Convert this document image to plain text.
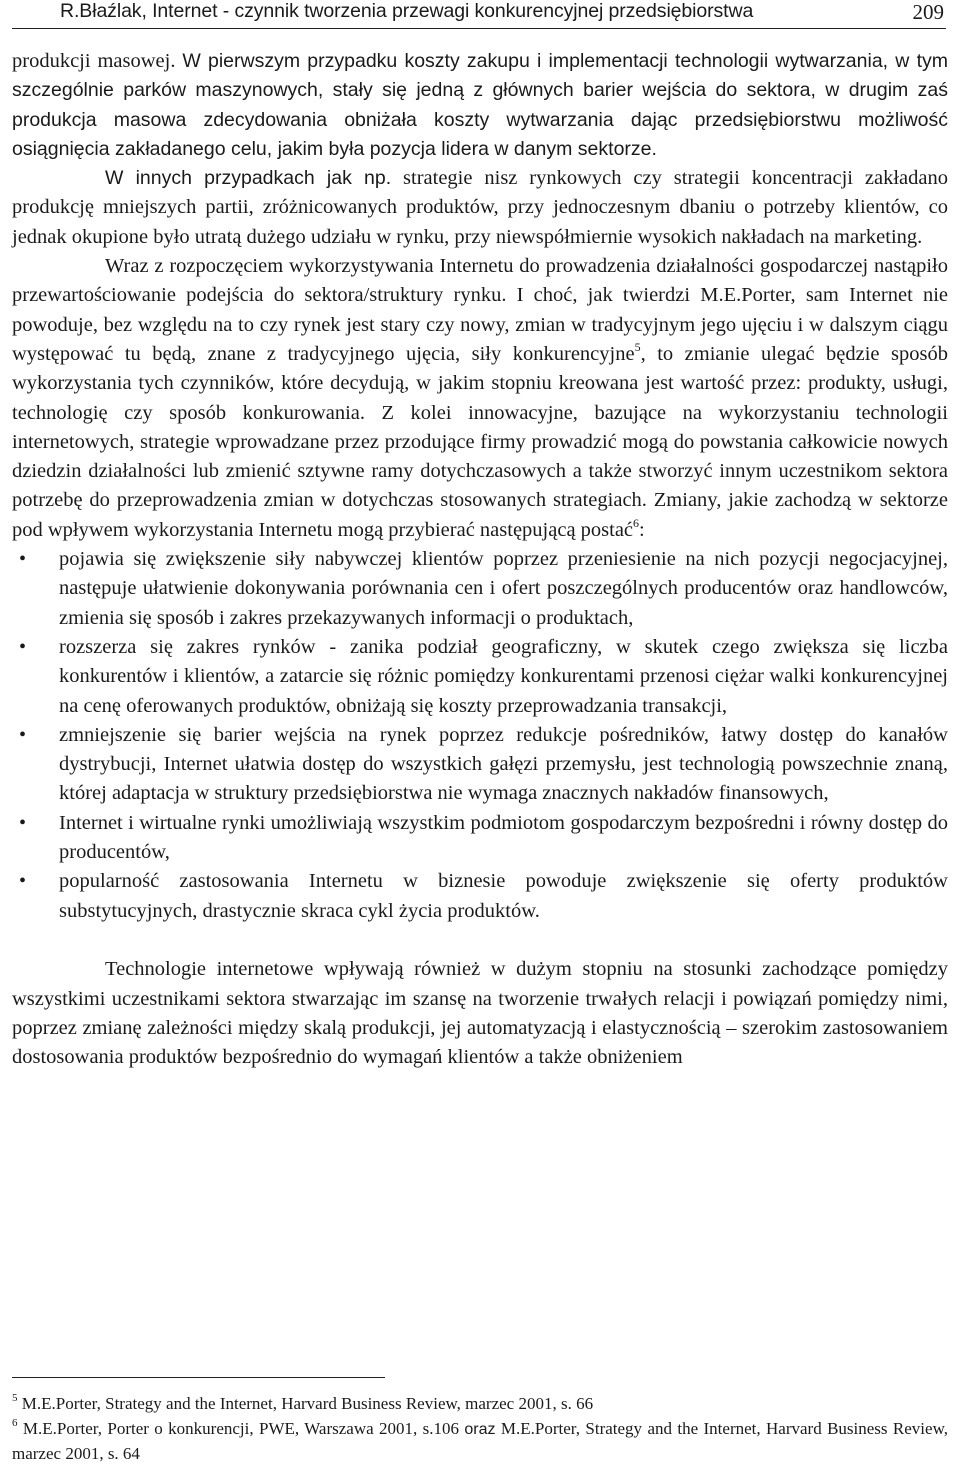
R.Błaźlak, Internet - czynnik tworzenia przewagi konkurencyjnej przedsiębiorstwa	209

produkcji masowej. W pierwszym przypadku koszty zakupu i implementacji technologii wytwarzania, w tym szczególnie parków maszynowych, stały się jedną z głównych barier wejścia do sektora, w drugim zaś produkcja masowa zdecydowania obniżała koszty wytwarzania dając przedsiębiorstwu możliwość osiągnięcia zakładanego celu, jakim była pozycja lidera w danym sektorze.

W innych przypadkach jak np. strategie nisz rynkowych czy strategii koncentracji zakładano produkcję mniejszych partii, zróżnicowanych produktów, przy jednoczesnym dbaniu o potrzeby klientów, co jednak okupione było utratą dużego udziału w rynku, przy niewspółmiernie wysokich nakładach na marketing.

Wraz z rozpoczęciem wykorzystywania Internetu do prowadzenia działalności gospodarczej nastąpiło przewartościowanie podejścia do sektora/struktury rynku. I choć, jak twierdzi M.E.Porter, sam Internet nie powoduje, bez względu na to czy rynek jest stary czy nowy, zmian w tradycyjnym jego ujęciu i w dalszym ciągu występować tu będą, znane z tradycyjnego ujęcia, siły konkurencyjne$^5$, to zmianie ulegać będzie sposób wykorzystania tych czynników, które decydują, w jakim stopniu kreowana jest wartość przez: produkty, usługi, technologię czy sposób konkurowania. Z kolei innowacyjne, bazujące na wykorzystaniu technologii internetowych, strategie wprowadzane przez przodujące firmy prowadzić mogą do powstania całkowicie nowych dziedzin działalności lub zmienić sztywne ramy dotychczasowych a także stworzyć innym uczestnikom sektora potrzebę do przeprowadzenia zmian w dotychczas stosowanych strategiach. Zmiany, jakie zachodzą w sektorze pod wpływem wykorzystania Internetu mogą przybierać następującą postać$^6$:

• pojawia się zwiększenie siły nabywczej klientów poprzez przeniesienie na nich pozycji negocjacyjnej, następuje ułatwienie dokonywania porównania cen i ofert poszczególnych producentów oraz handlowców, zmienia się sposób i zakres przekazywanych informacji o produktach,
• rozszerza się zakres rynków - zanika podział geograficzny, w skutek czego zwiększa się liczba konkurentów i klientów, a zatarcie się różnic pomiędzy konkurentami przenosi ciężar walki konkurencyjnej na cenę oferowanych produktów, obniżają się koszty przeprowadzania transakcji,
• zmniejszenie się barier wejścia na rynek poprzez redukcje pośredników, łatwy dostęp do kanałów dystrybucji, Internet ułatwia dostęp do wszystkich gałęzi przemysłu, jest technologią powszechnie znaną, której adaptacja w struktury przedsiębiorstwa nie wymaga znacznych nakładów finansowych,
• Internet i wirtualne rynki umożliwiają wszystkim podmiotom gospodarczym bezpośredni i równy dostęp do producentów,
• popularność zastosowania Internetu w biznesie powoduje zwiększenie się oferty produktów substytucyjnych, drastycznie skraca cykl życia produktów.

Technologie internetowe wpływają również w dużym stopniu na stosunki zachodzące pomiędzy wszystkimi uczestnikami sektora stwarzając im szansę na tworzenie trwałych relacji i powiązań pomiędzy nimi, poprzez zmianę zależności między skalą produkcji, jej automatyzacją i elastycznością – szerokim zastosowaniem dostosowania produktów bezpośrednio do wymagań klientów a także obniżeniem

$^5$ M.E.Porter, Strategy and the Internet, Harvard Business Review, marzec 2001, s. 66

$^6$ M.E.Porter, Porter o konkurencji, PWE, Warszawa 2001, s.106 oraz M.E.Porter, Strategy and the Internet, Harvard Business Review, marzec 2001, s. 64
